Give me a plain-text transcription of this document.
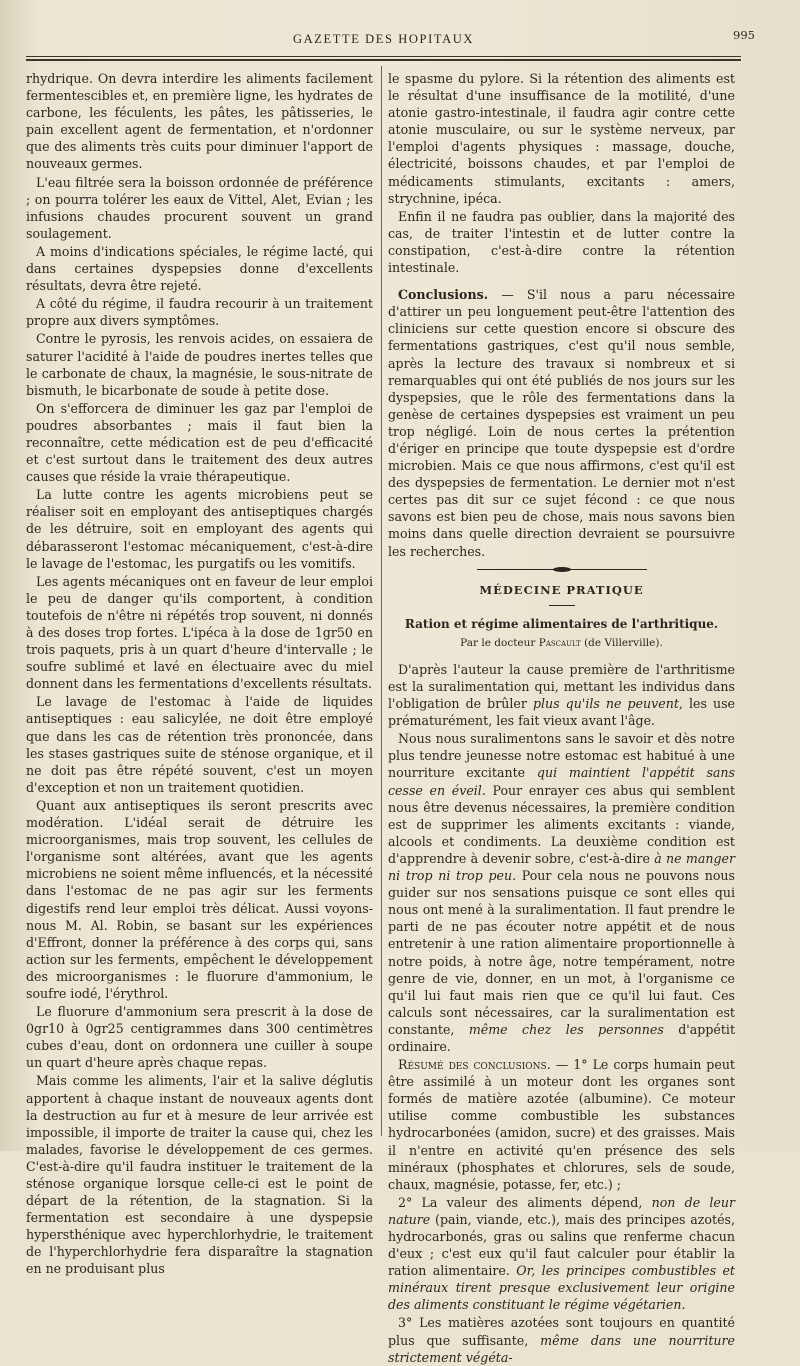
GAZETTE DES HOPITAUX	995

rhydrique. On devra interdire les aliments facilement fermentescibles et, en première ligne, les hydrates de carbone, les féculents, les pâtes, les pâtisseries, le pain excellent agent de fermentation, et n'ordonner que des aliments très cuits pour diminuer l'apport de nouveaux germes.

L'eau filtrée sera la boisson ordonnée de préférence ; on pourra tolérer les eaux de Vittel, Alet, Evian ; les infusions chaudes procurent souvent un grand soulagement.

A moins d'indications spéciales, le régime lacté, qui dans certaines dyspepsies donne d'excellents résultats, devra être rejeté.

A côté du régime, il faudra recourir à un traitement propre aux divers symptômes.

Contre le pyrosis, les renvois acides, on essaiera de saturer l'acidité à l'aide de poudres inertes telles que le carbonate de chaux, la magnésie, le sous-nitrate de bismuth, le bicarbonate de soude à petite dose.

On s'efforcera de diminuer les gaz par l'emploi de poudres absorbantes ; mais il faut bien la reconnaître, cette médication est de peu d'efficacité et c'est surtout dans le traitement des deux autres causes que réside la vraie thérapeutique.

La lutte contre les agents microbiens peut se réaliser soit en employant des antiseptiques chargés de les détruire, soit en employant des agents qui débarasseront l'estomac mécaniquement, c'est-à-dire le lavage de l'estomac, les purgatifs ou les vomitifs.

Les agents mécaniques ont en faveur de leur emploi le peu de danger qu'ils comportent, à condition toutefois de n'être ni répétés trop souvent, ni donnés à des doses trop fortes. L'ipéca à la dose de 1gr50 en trois paquets, pris à un quart d'heure d'intervalle ; le soufre sublimé et lavé en électuaire avec du miel donnent dans les fermentations d'excellents résultats.

Le lavage de l'estomac à l'aide de liquides antiseptiques : eau salicylée, ne doit être employé que dans les cas de rétention très prononcée, dans les stases gastriques suite de sténose organique, et il ne doit pas être répété souvent, c'est un moyen d'exception et non un traitement quotidien.

Quant aux antiseptiques ils seront prescrits avec modération. L'idéal serait de détruire les microorganismes, mais trop souvent, les cellules de l'organisme sont altérées, avant que les agents microbiens ne soient même influencés, et la nécessité dans l'estomac de ne pas agir sur les ferments digestifs rend leur emploi très délicat. Aussi voyons-nous M. Al. Robin, se basant sur les expériences d'Effront, donner la préférence à des corps qui, sans action sur les ferments, empêchent le développement des microorganismes : le fluorure d'ammonium, le soufre iodé, l'érythrol.

Le fluorure d'ammonium sera prescrit à la dose de 0gr10 à 0gr25 centigrammes dans 300 centimètres cubes d'eau, dont on ordonnera une cuiller à soupe un quart d'heure après chaque repas.

Mais comme les aliments, l'air et la salive déglutis apportent à chaque instant de nouveaux agents dont la destruction au fur et à mesure de leur arrivée est impossible, il importe de traiter la cause qui, chez les malades, favorise le développement de ces germes. C'est-à-dire qu'il faudra instituer le traitement de la sténose organique lorsque celle-ci est le point de départ de la rétention, de la stagnation. Si la fermentation est secondaire à une dyspepsie hypersthénique avec hyperchlorhydrie, le traitement de l'hyperchlorhydrie fera disparaître la stagnation en ne produisant plus

le spasme du pylore. Si la rétention des aliments est le résultat d'une insuffisance de la motilité, d'une atonie gastro-intestinale, il faudra agir contre cette atonie musculaire, ou sur le système nerveux, par l'emploi d'agents physiques : massage, douche, électricité, boissons chaudes, et par l'emploi de médicaments stimulants, excitants : amers, strychnine, ipéca.

Enfin il ne faudra pas oublier, dans la majorité des cas, de traiter l'intestin et de lutter contre la constipation, c'est-à-dire contre la rétention intestinale.

Conclusions. — S'il nous a paru nécessaire d'attirer un peu longuement peut-être l'attention des cliniciens sur cette question encore si obscure des fermentations gastriques, c'est qu'il nous semble, après la lecture des travaux si nombreux et si remarquables qui ont été publiés de nos jours sur les dyspepsies, que le rôle des fermentations dans la genèse de certaines dyspepsies est vraiment un peu trop négligé. Loin de nous certes la prétention d'ériger en principe que toute dyspepsie est d'ordre microbien. Mais ce que nous affirmons, c'est qu'il est des dyspepsies de fermentation. Le dernier mot n'est certes pas dit sur ce sujet fécond : ce que nous savons est bien peu de chose, mais nous savons bien moins dans quelle direction devraient se poursuivre les recherches.

MÉDECINE PRATIQUE

Ration et régime alimentaires de l'arthritique.

Par le docteur Pascault (de Villerville).

D'après l'auteur la cause première de l'arthritisme est la suralimentation qui, mettant les individus dans l'obligation de brûler plus qu'ils ne peuvent, les use prématurément, les fait vieux avant l'âge.

Nous nous suralimentons sans le savoir et dès notre plus tendre jeunesse notre estomac est habitué à une nourriture excitante qui maintient l'appétit sans cesse en éveil. Pour enrayer ces abus qui semblent nous être devenus nécessaires, la première condition est de supprimer les aliments excitants : viande, alcools et condiments. La deuxième condition est d'apprendre à devenir sobre, c'est-à-dire à ne manger ni trop ni trop peu. Pour cela nous ne pouvons nous guider sur nos sensations puisque ce sont elles qui nous ont mené à la suralimentation. Il faut prendre le parti de ne pas écouter notre appétit et de nous entretenir à une ration alimentaire proportionnelle à notre poids, à notre âge, notre tempérament, notre genre de vie, donner, en un mot, à l'organisme ce qu'il lui faut mais rien que ce qu'il lui faut. Ces calculs sont nécessaires, car la suralimentation est constante, même chez les personnes d'appétit ordinaire.

Résumé des conclusions. — 1° Le corps humain peut être assimilé à un moteur dont les organes sont formés de matière azotée (albumine). Ce moteur utilise comme combustible les substances hydrocarbonées (amidon, sucre) et des graisses. Mais il n'entre en activité qu'en présence des sels minéraux (phosphates et chlorures, sels de soude, chaux, magnésie, potasse, fer, etc.) ;

2° La valeur des aliments dépend, non de leur nature (pain, viande, etc.), mais des principes azotés, hydrocarbonés, gras ou salins que renferme chacun d'eux ; c'est eux qu'il faut calculer pour établir la ration alimentaire. Or, les principes combustibles et minéraux tirent presque exclusivement leur origine des aliments constituant le régime végétarien.

3° Les matières azotées sont toujours en quantité plus que suffisante, même dans une nourriture strictement végéta-
